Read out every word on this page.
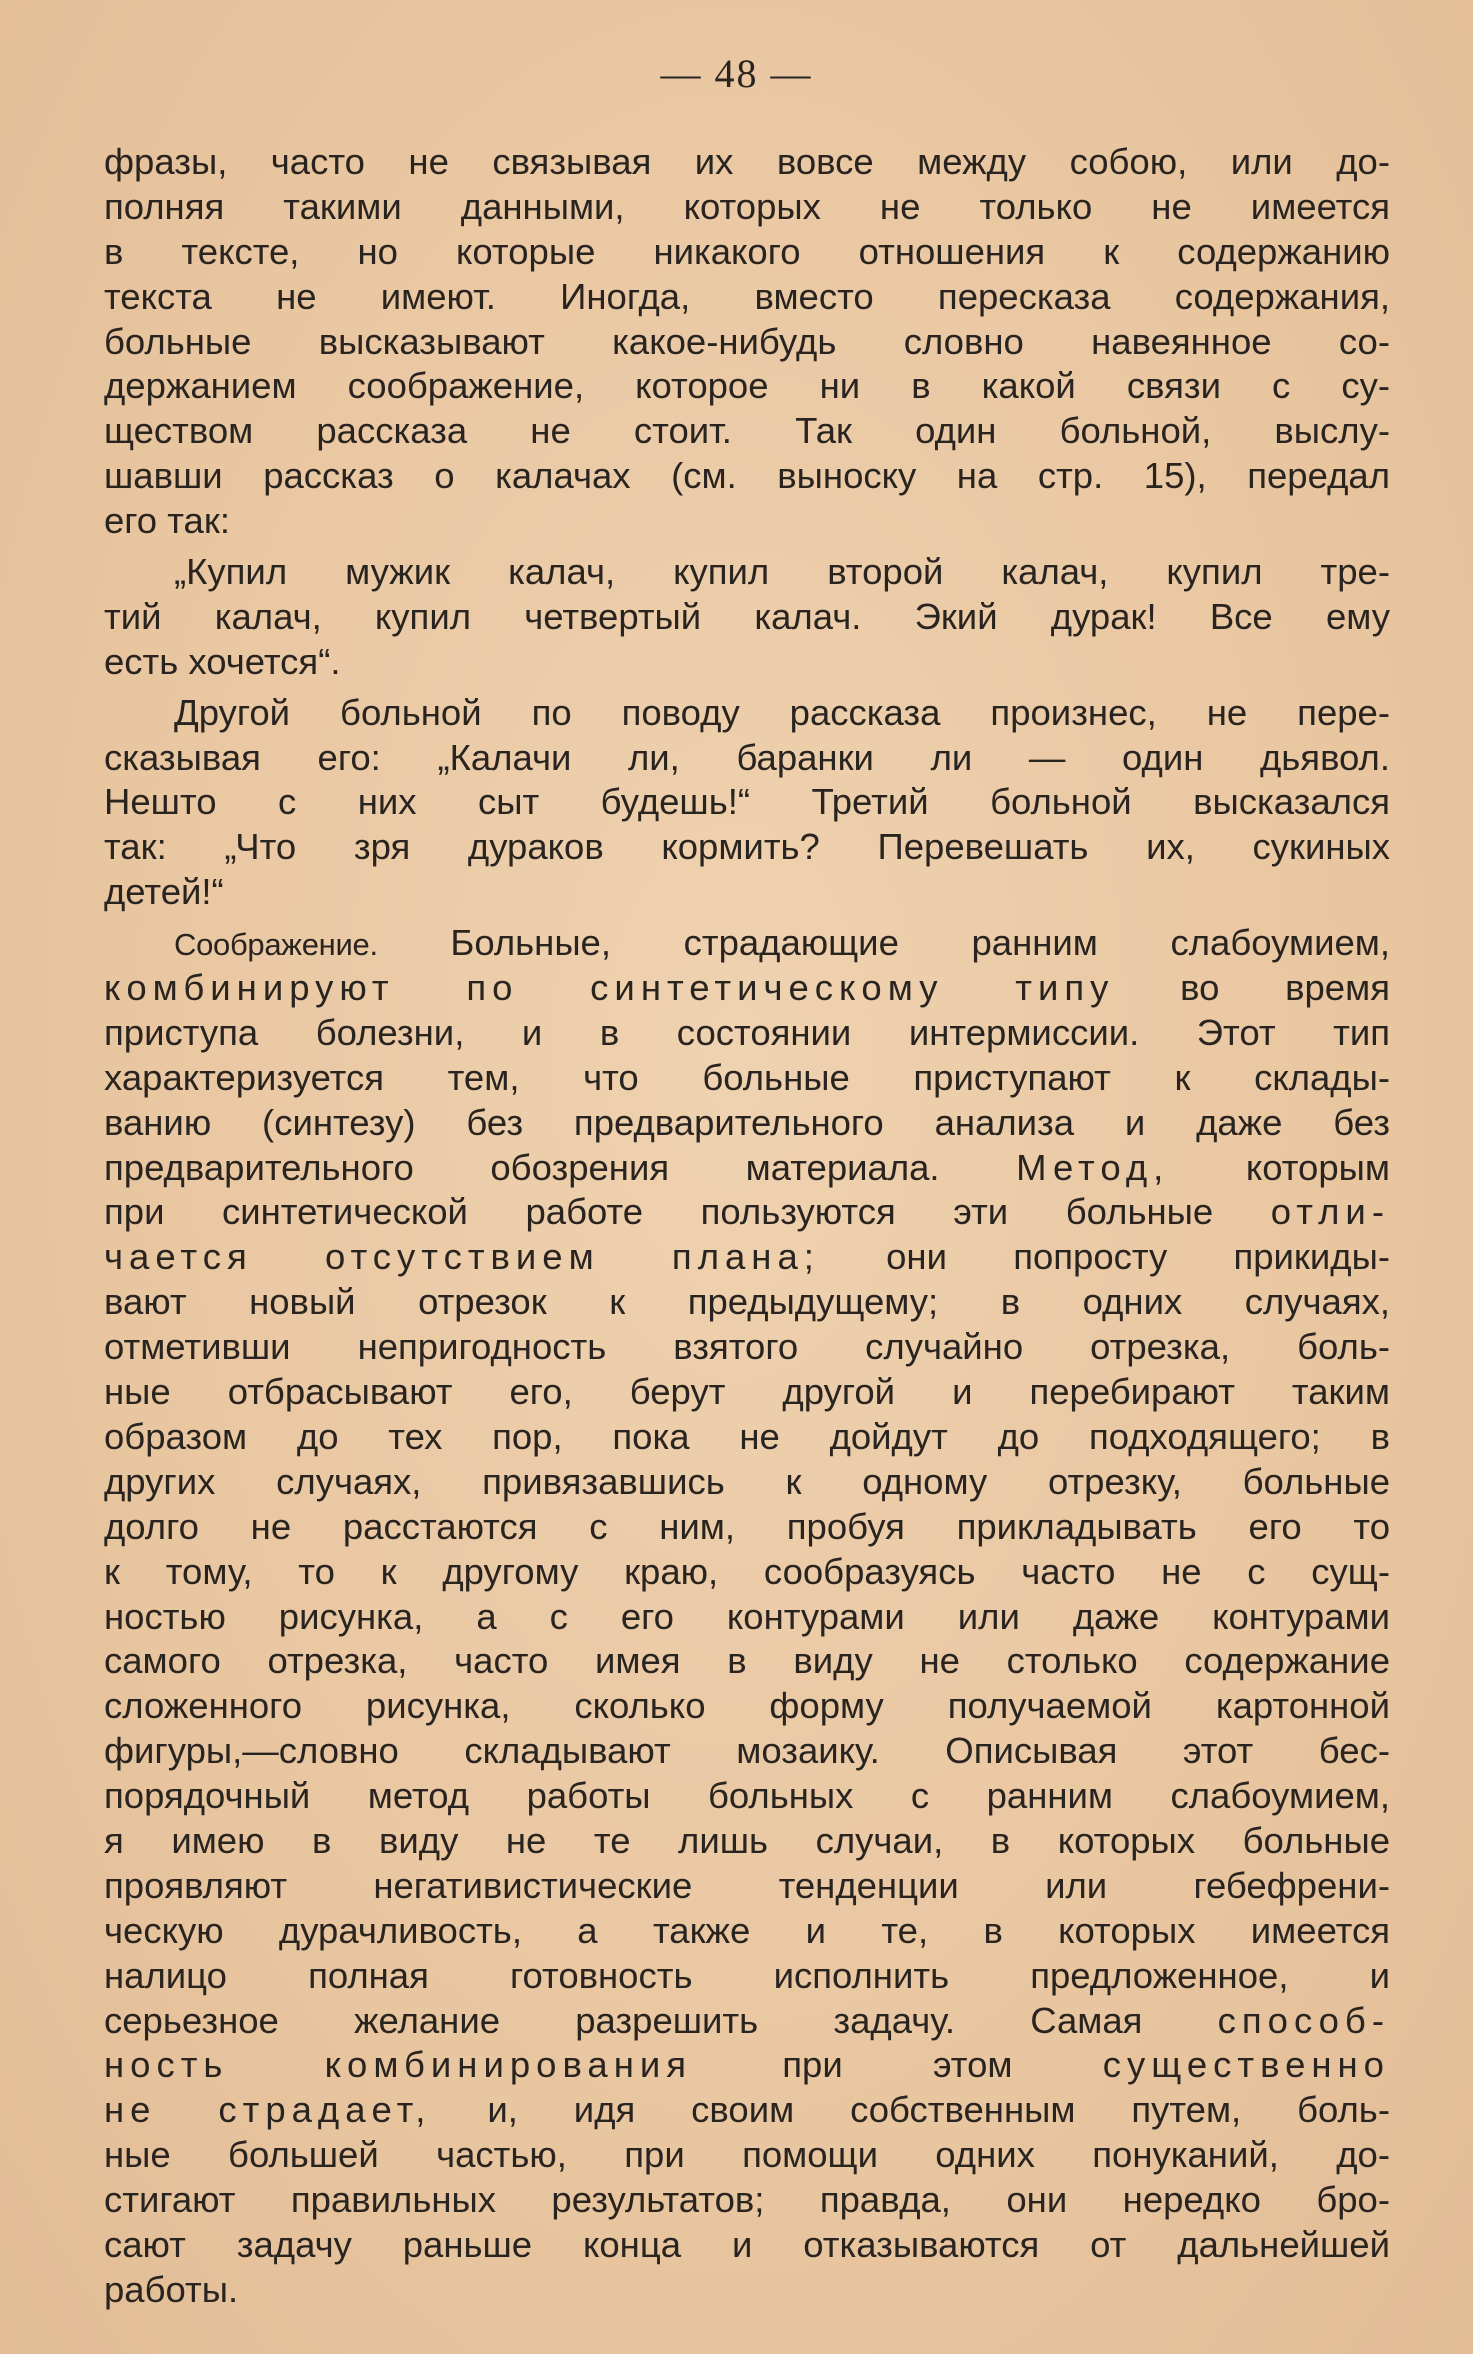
— 48 —
фразы, часто не связывая их вовсе между собою, или до-
полняя такими данными, которых не только не имеется
в тексте, но которые никакого отношения к содержанию
текста не имеют. Иногда, вместо пересказа содержания,
больные высказывают какое-нибудь словно навеянное со-
держанием соображение, которое ни в какой связи с су-
ществом рассказа не стоит. Так один больной, выслу-
шавши рассказ о калачах (см. выноску на стр. 15), передал
его так:
„Купил мужик калач, купил второй калач, купил тре-
тий калач, купил четвертый калач. Экий дурак! Все ему
есть хочется“.
Другой больной по поводу рассказа произнес, не пере-
сказывая его: „Калачи ли, баранки ли — один дьявол.
Нешто с них сыт будешь!“ Третий больной высказался
так: „Что зря дураков кормить? Перевешать их, сукиных
детей!“
Соображение. Больные, страдающие ранним слабоумием,
комбинируют по синтетическому типу во время
приступа болезни, и в состоянии интермиссии. Этот тип
характеризуется тем, что больные приступают к склады-
ванию (синтезу) без предварительного анализа и даже без
предварительного обозрения материала. Метод, которым
при синтетической работе пользуются эти больные отли-
чается отсутствием плана; они попросту прикиды-
вают новый отрезок к предыдущему; в одних случаях,
отметивши непригодность взятого случайно отрезка, боль-
ные отбрасывают его, берут другой и перебирают таким
образом до тех пор, пока не дойдут до подходящего; в
других случаях, привязавшись к одному отрезку, больные
долго не расстаются с ним, пробуя прикладывать его то
к тому, то к другому краю, сообразуясь часто не с сущ-
ностью рисунка, а с его контурами или даже контурами
самого отрезка, часто имея в виду не столько содержание
сложенного рисунка, сколько форму получаемой картонной
фигуры,—словно складывают мозаику. Описывая этот бес-
порядочный метод работы больных с ранним слабоумием,
я имею в виду не те лишь случаи, в которых больные
проявляют негативистические тенденции или гебефрени-
ческую дурачливость, а также и те, в которых имеется
налицо полная готовность исполнить предложенное, и
серьезное желание разрешить задачу. Самая способ-
ность комбинирования при этом существенно
не страдает, и, идя своим собственным путем, боль-
ные большей частью, при помощи одних понуканий, до-
стигают правильных результатов; правда, они нередко бро-
сают задачу раньше конца и отказываются от дальнейшей
работы.
